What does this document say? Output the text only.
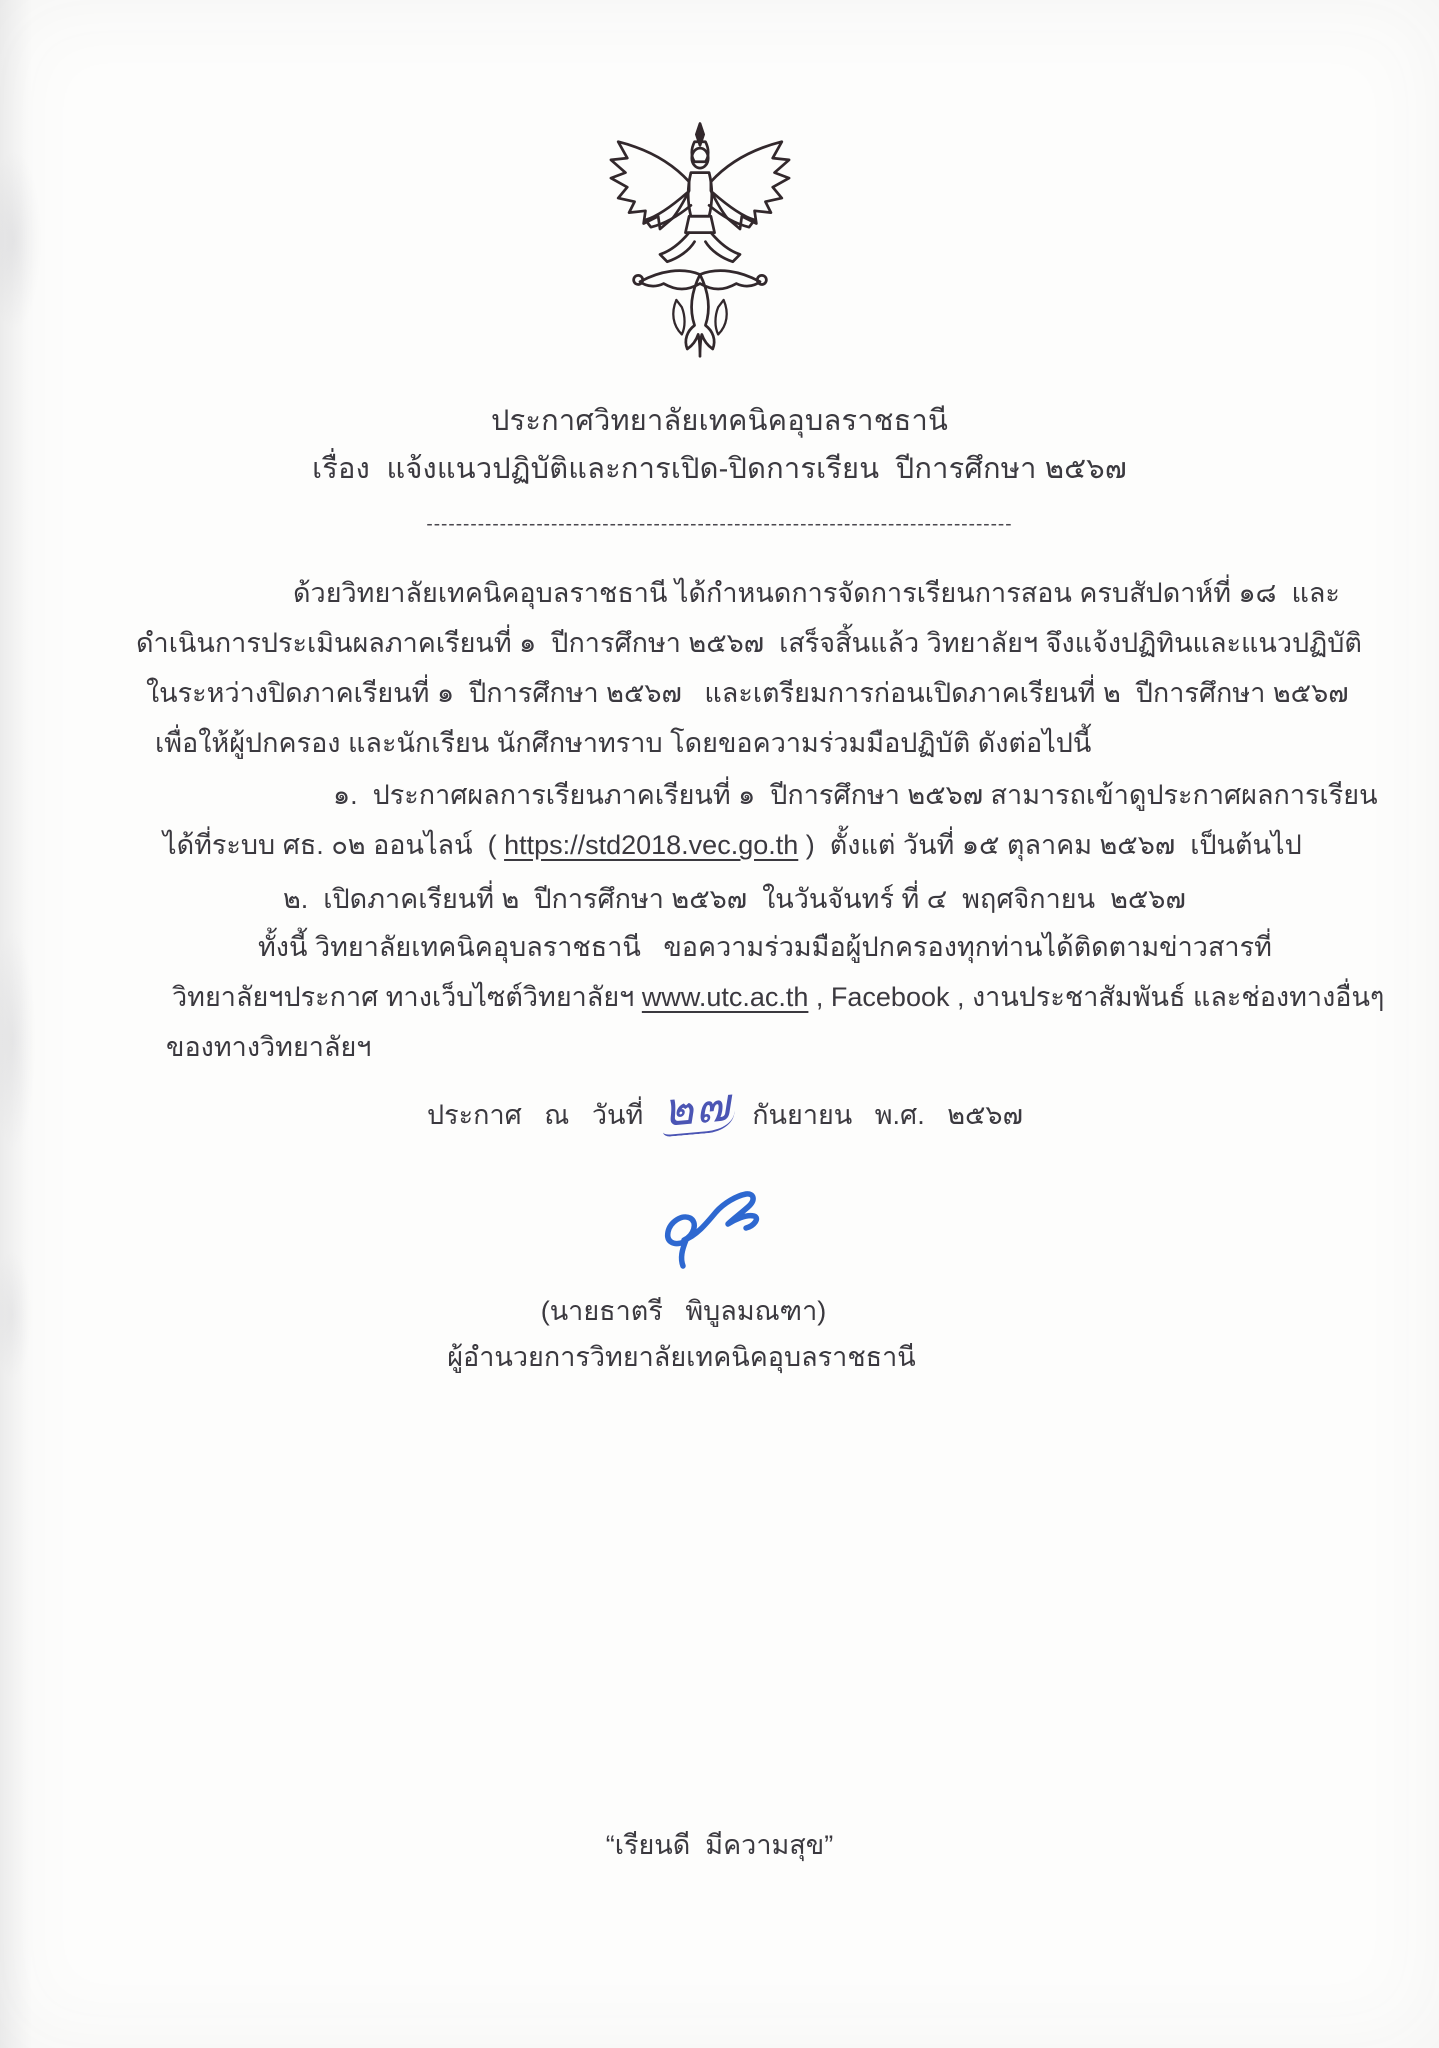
ประกาศวิทยาลัยเทคนิคอุบลราชธานี
เรื่อง  แจ้งแนวปฏิบัติและการเปิด-ปิดการเรียน  ปีการศึกษา ๒๕๖๗
--------------------------------------------------------------------------------
ด้วยวิทยาลัยเทคนิคอุบลราชธานี ได้กำหนดการจัดการเรียนการสอน ครบสัปดาห์ที่ ๑๘  และ
ดำเนินการประเมินผลภาคเรียนที่ ๑  ปีการศึกษา ๒๕๖๗  เสร็จสิ้นแล้ว วิทยาลัยฯ จึงแจ้งปฏิทินและแนวปฏิบัติ
ในระหว่างปิดภาคเรียนที่ ๑  ปีการศึกษา ๒๕๖๗   และเตรียมการก่อนเปิดภาคเรียนที่ ๒  ปีการศึกษา ๒๕๖๗
เพื่อให้ผู้ปกครอง และนักเรียน นักศึกษาทราบ โดยขอความร่วมมือปฏิบัติ ดังต่อไปนี้
๑.  ประกาศผลการเรียนภาคเรียนที่ ๑  ปีการศึกษา ๒๕๖๗ สามารถเข้าดูประกาศผลการเรียน
ได้ที่ระบบ ศธ. ๐๒ ออนไลน์  ( https://std2018.vec.go.th )  ตั้งแต่ วันที่ ๑๕ ตุลาคม ๒๕๖๗  เป็นต้นไป
๒.  เปิดภาคเรียนที่ ๒  ปีการศึกษา ๒๕๖๗  ในวันจันทร์ ที่ ๔  พฤศจิกายน  ๒๕๖๗
ทั้งนี้ วิทยาลัยเทคนิคอุบลราชธานี   ขอความร่วมมือผู้ปกครองทุกท่านได้ติดตามข่าวสารที่
วิทยาลัยฯประกาศ ทางเว็บไซต์วิทยาลัยฯ www.utc.ac.th , Facebook , งานประชาสัมพันธ์ และช่องทางอื่นๆ
ของทางวิทยาลัยฯ
ประกาศ   ณ   วันที่ ๒๗ กันยายน   พ.ศ.   ๒๕๖๗
(นายธาตรี   พิบูลมณฑา)
ผู้อำนวยการวิทยาลัยเทคนิคอุบลราชธานี
“เรียนดี  มีความสุข”
